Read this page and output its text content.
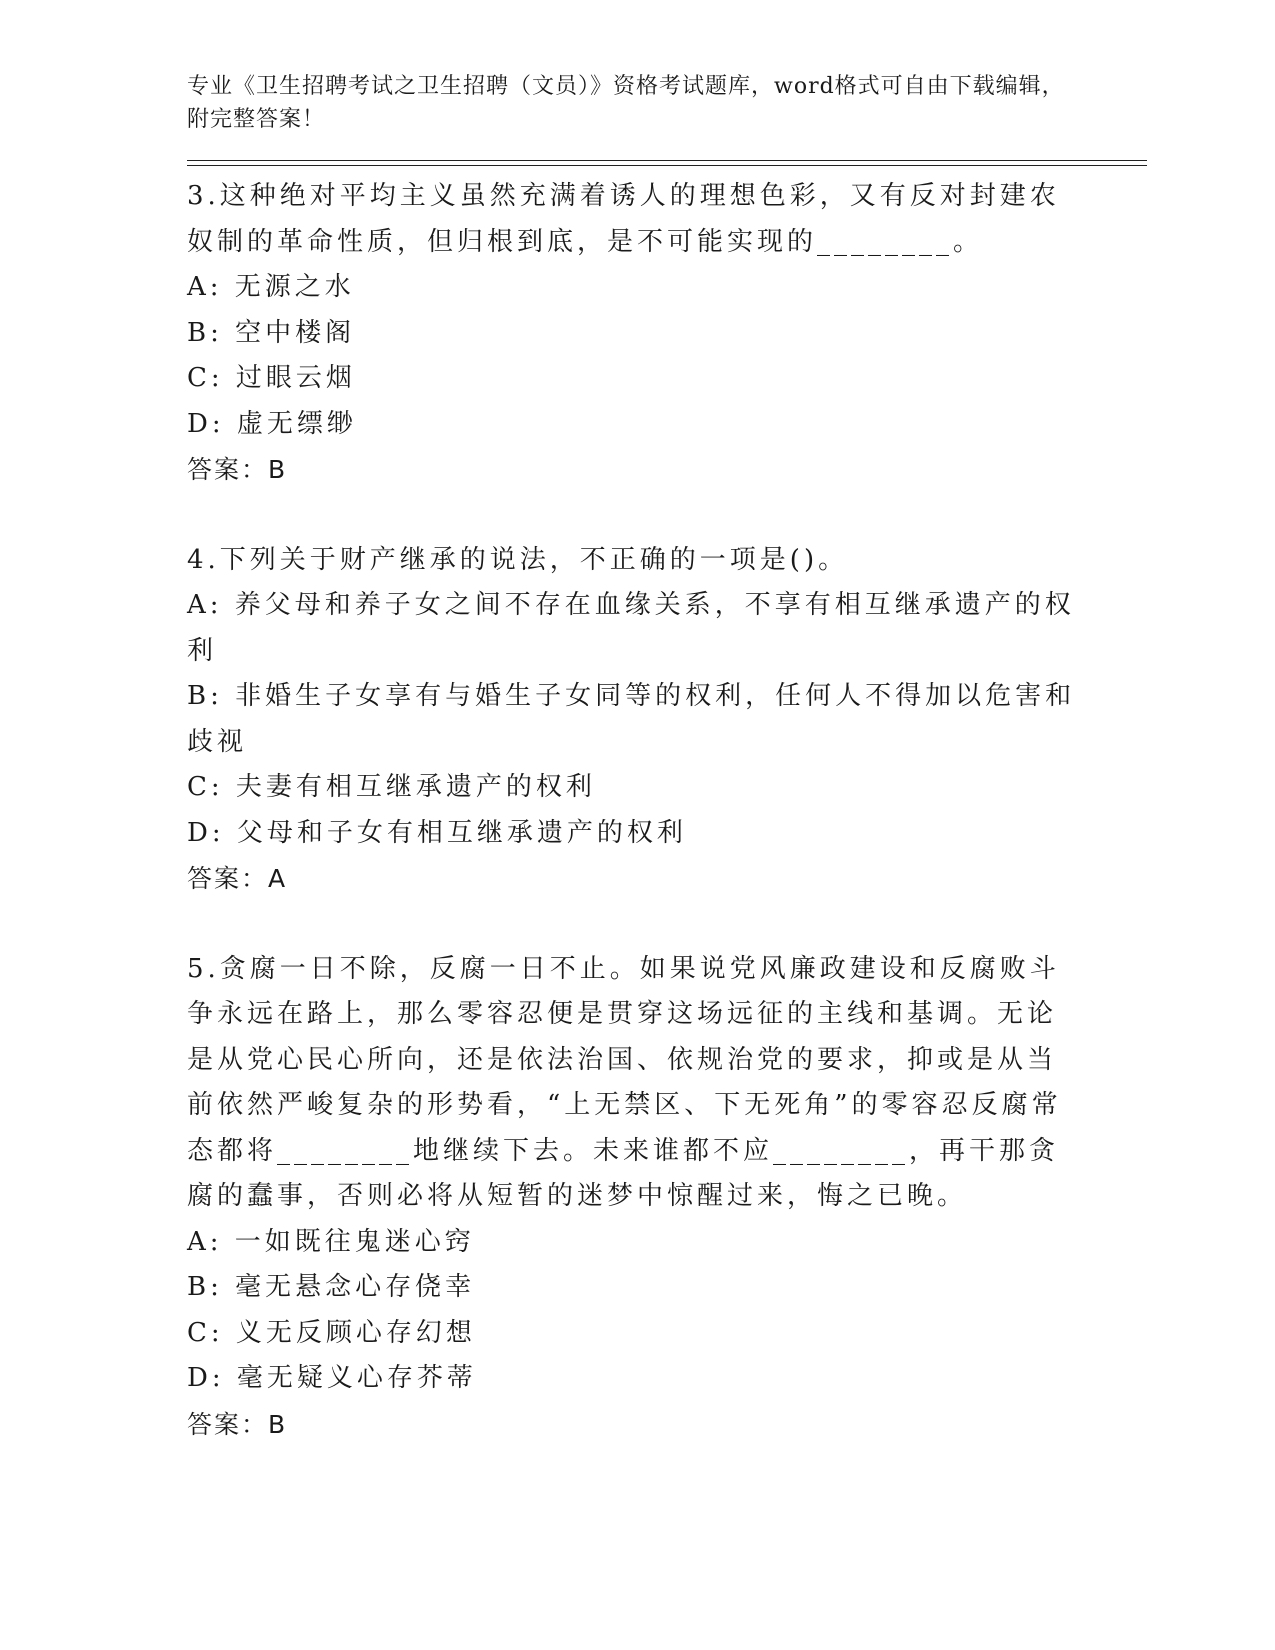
专业《卫生招聘考试之卫生招聘（文员）》资格考试题库，word格式可自由下载编辑，附完整答案！

3.这种绝对平均主义虽然充满着诱人的理想色彩，又有反对封建农奴制的革命性质，但归根到底，是不可能实现的________。

A: 无源之水

B: 空中楼阁

C: 过眼云烟

D: 虚无缥缈

答案：B

4.下列关于财产继承的说法，不正确的一项是()。

A: 养父母和养子女之间不存在血缘关系，不享有相互继承遗产的权利

B: 非婚生子女享有与婚生子女同等的权利，任何人不得加以危害和歧视

C: 夫妻有相互继承遗产的权利

D: 父母和子女有相互继承遗产的权利

答案：A

5.贪腐一日不除，反腐一日不止。如果说党风廉政建设和反腐败斗争永远在路上，那么零容忍便是贯穿这场远征的主线和基调。无论是从党心民心所向，还是依法治国、依规治党的要求，抑或是从当前依然严峻复杂的形势看，“上无禁区、下无死角”的零容忍反腐常态都将________地继续下去。未来谁都不应________，再干那贪腐的蠢事，否则必将从短暂的迷梦中惊醒过来，悔之已晚。

A: 一如既往鬼迷心窍

B: 毫无悬念心存侥幸

C: 义无反顾心存幻想

D: 毫无疑义心存芥蒂

答案：B
